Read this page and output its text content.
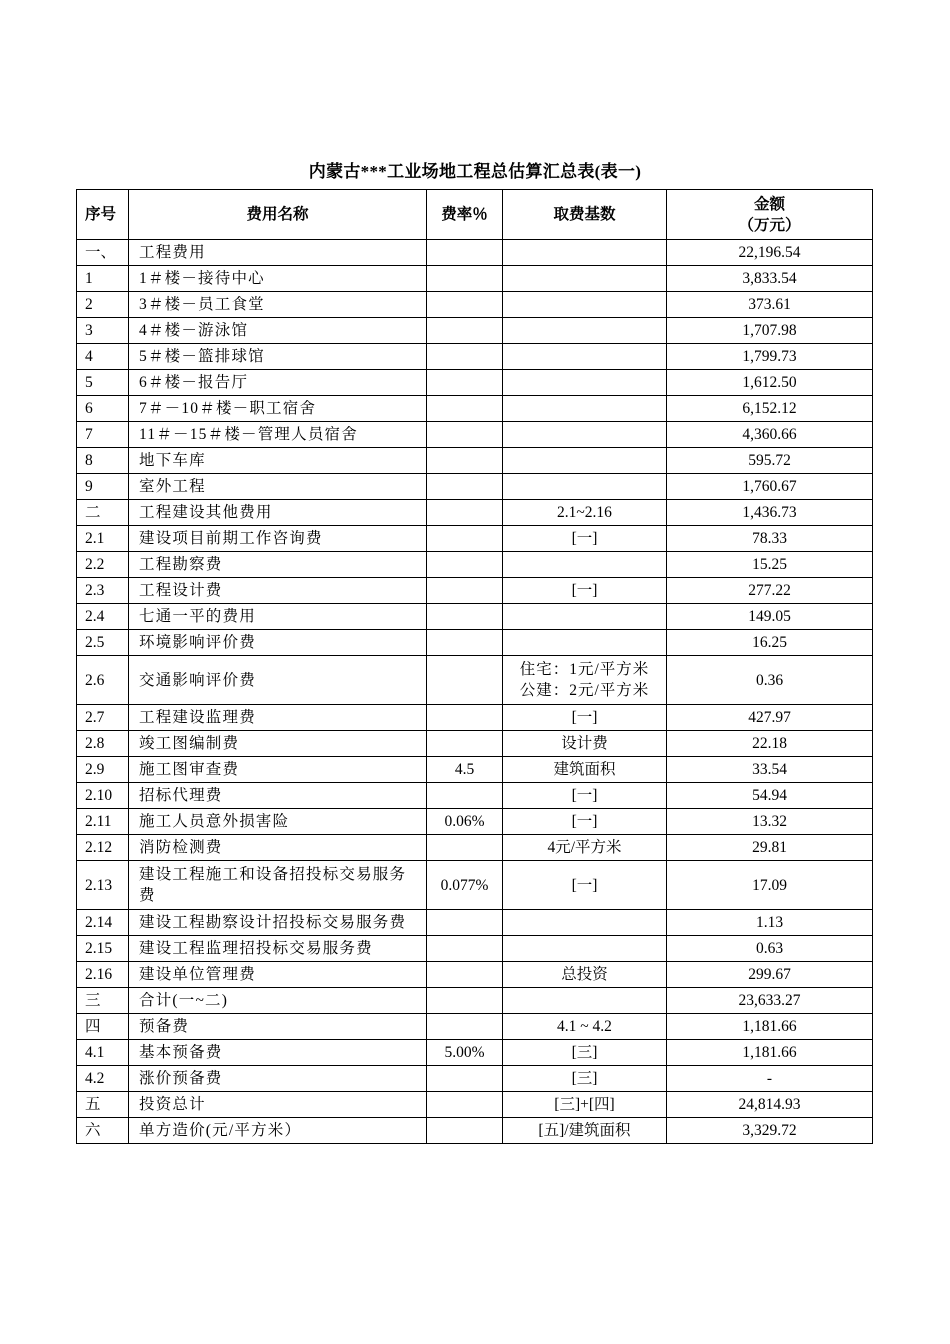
内蒙古***工业场地工程总估算汇总表(表一)
序号	费用名称	费率％	取费基数	金额
（万元）

一、	工程费用			22,196.54
1	1＃楼－接待中心			3,833.54
2	3＃楼－员工食堂			373.61
3	4＃楼－游泳馆			1,707.98
4	5＃楼－篮排球馆			1,799.73
5	6＃楼－报告厅			1,612.50
6	7＃－10＃楼－职工宿舍			6,152.12
7	11＃－15＃楼－管理人员宿舍			4,360.66
8	地下车库			595.72
9	室外工程			1,760.67
二	工程建设其他费用		2.1~2.16	1,436.73
2.1	建设项目前期工作咨询费		[一]	78.33
2.2	工程勘察费			15.25
2.3	工程设计费		[一]	277.22
2.4	七通一平的费用			149.05
2.5	环境影响评价费			16.25
2.6	交通影响评价费		住宅：1元/平方米
公建：2元/平方米	0.36
2.7	工程建设监理费		[一]	427.97
2.8	竣工图编制费		设计费	22.18
2.9	施工图审查费	4.5	建筑面积	33.54
2.10	招标代理费		[一]	54.94
2.11	施工人员意外损害险	0.06%	[一]	13.32
2.12	消防检测费		4元/平方米	29.81
2.13	建设工程施工和设备招投标交易服务费	0.077%	[一]	17.09
2.14	建设工程勘察设计招投标交易服务费			1.13
2.15	建设工程监理招投标交易服务费			0.63
2.16	建设单位管理费		总投资	299.67
三	合计(一~二)			23,633.27
四	预备费		4.1 ~ 4.2	1,181.66
4.1	基本预备费	5.00%	[三]	1,181.66
4.2	涨价预备费		[三]	-
五	投资总计		[三]+[四]	24,814.93
六	单方造价(元/平方米）		[五]/建筑面积	3,329.72
